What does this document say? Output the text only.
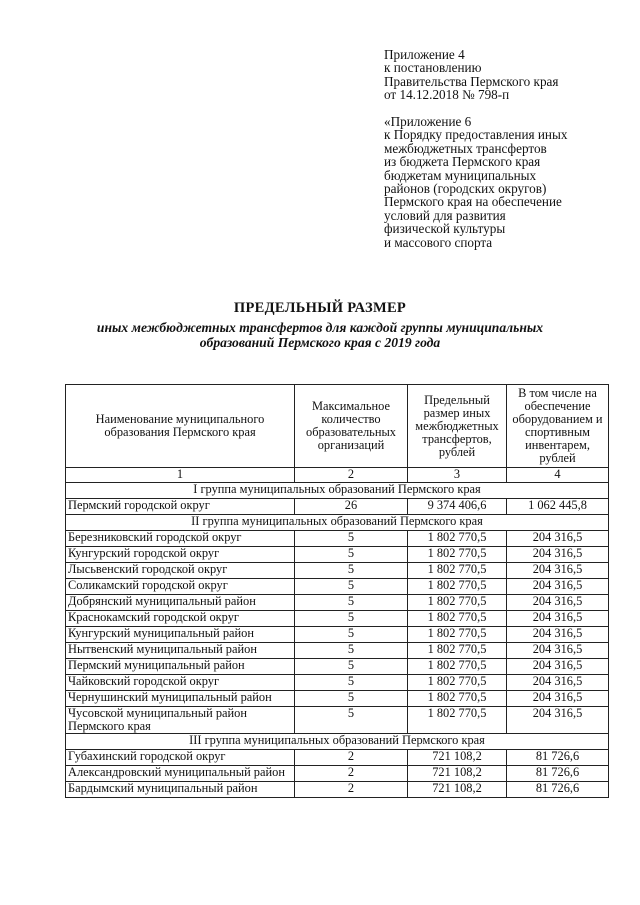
Приложение 4
к постановлению
Правительства Пермского края
от 14.12.2018 № 798-п
«Приложение 6
к Порядку предоставления иных
межбюджетных трансфертов
из бюджета Пермского края
бюджетам муниципальных
районов (городских округов)
Пермского края на обеспечение
условий для развития
физической культуры
и массового спорта
ПРЕДЕЛЬНЫЙ РАЗМЕР
иных межбюджетных трансфертов для каждой группы муниципальных
образований Пермского края с 2019 года
Наименование муниципального образования Пермского края	Максимальное количество образовательных организаций	Предельный размер иных межбюджетных трансфертов, рублей	В том числе на обеспечение оборудованием и спортивным инвентарем, рублей
1	2	3	4
I группа муниципальных образований Пермского края			
Пермский городской округ	26	9 374 406,6	1 062 445,8
II группа муниципальных образований Пермского края			
Березниковский городской округ	5	1 802 770,5	204 316,5
Кунгурский городской округ	5	1 802 770,5	204 316,5
Лысьвенский городской округ	5	1 802 770,5	204 316,5
Соликамский городской округ	5	1 802 770,5	204 316,5
Добрянский муниципальный район	5	1 802 770,5	204 316,5
Краснокамский городской округ	5	1 802 770,5	204 316,5
Кунгурский муниципальный район	5	1 802 770,5	204 316,5
Нытвенский муниципальный район	5	1 802 770,5	204 316,5
Пермский муниципальный район	5	1 802 770,5	204 316,5
Чайковский городской округ	5	1 802 770,5	204 316,5
Чернушинский муниципальный район	5	1 802 770,5	204 316,5
Чусовской муниципальный район Пермского края	5	1 802 770,5	204 316,5
III группа муниципальных образований Пермского края			
Губахинский городской округ	2	721 108,2	81 726,6
Александровский муниципальный район	2	721 108,2	81 726,6
Бардымский муниципальный район	2	721 108,2	81 726,6
